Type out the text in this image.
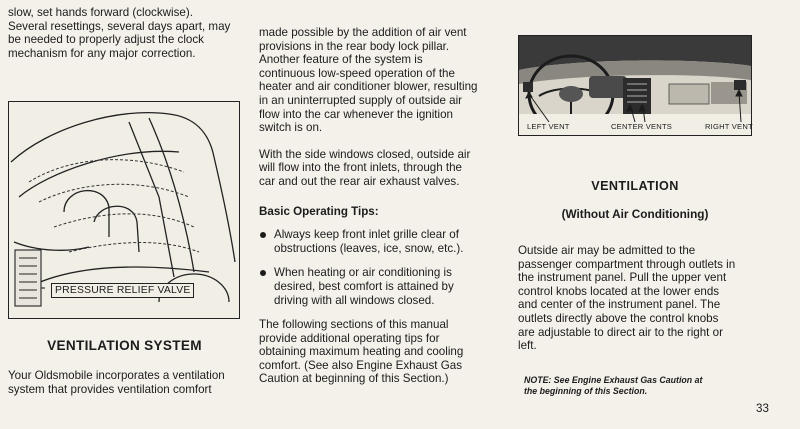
slow, set hands forward (clockwise).

Several resettings, several days apart, may

be needed to properly adjust the clock

mechanism for any major correction.

PRESSURE RELIEF VALVE
VENTILATION SYSTEM

Your Oldsmobile incorporates a ventilation

system that provides ventilation comfort

made possible by the addition of air vent

provisions in the rear body lock pillar.

Another feature of the system is

continuous low-speed operation of the

heater and air conditioner blower, resulting

in an uninterrupted supply of outside air

flow into the car whenever the ignition

switch is on.

With the side windows closed, outside air

will flow into the front inlets, through the

car and out the rear air exhaust valves.

Basic Operating Tips:

Always keep front inlet grille clear of

obstructions (leaves, ice, snow, etc.).

When heating or air conditioning is

desired, best comfort is attained by

driving with all windows closed.

The following sections of this manual

provide additional operating tips for

obtaining maximum heating and cooling

comfort. (See also Engine Exhaust Gas

Caution at beginning of this Section.)

LEFT VENT	CENTER VENTS	RIGHT VENT
VENTILATION
(Without Air Conditioning)

Outside air may be admitted to the

passenger compartment through outlets in

the instrument panel. Pull the upper vent

control knobs located at the lower ends

and center of the instrument panel. The

outlets directly above the control knobs

are adjustable to direct air to the right or

left.

NOTE: See Engine Exhaust Gas Caution at
the beginning of this Section.
33
